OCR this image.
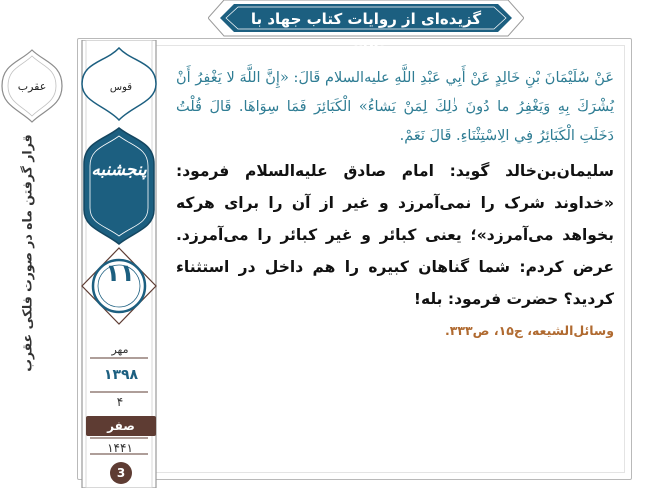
عقرب	قوس
قرار گرفتن ماه در صورت فلکی عقرب	پنجشنبه
۱۱
مهر
۱۳۹۸
۴
صفر
۱۴۴۱
3
گزیده‌ای از روایات کتاب جهاد با نفس

عَنْ سُلَيْمَانَ بْنِ خَالِدٍ عَنْ أَبِي عَبْدِ اللَّهِ علیه‌السلام قَالَ: «إِنَّ اللَّهَ لا يَغْفِرُ أَنْ يُشْرَكَ بِهِ وَيَغْفِرُ ما دُونَ ذٰلِكَ لِمَنْ يَشاءُ» الْكَبَائِرَ فَمَا سِوَاهَا. قَالَ قُلْتُ دَخَلَتِ الْكَبَائِرُ فِي الِاسْتِثْنَاءِ. قَالَ نَعَمْ.

سلیمان‌بن‌خالد گوید: امام صادق علیه‌السلام فرمود: «خداوند شرک را نمی‌آمرزد و غیر از آن را برای هرکه بخواهد می‌آمرزد»؛ یعنی کبائر و غیر کبائر را می‌آمرزد. عرض کردم: شما گناهان کبیره را هم داخل در استثناء کردید؟ حضرت فرمود: بله!

وسائل‌الشیعه، ج۱۵، ص۳۳۳.
